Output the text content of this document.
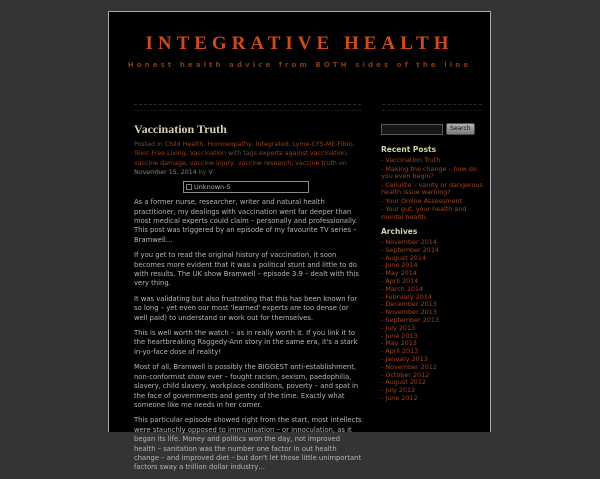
INTEGRATIVE HEALTH
Honest health advice from BOTH sides of the line
Vaccination Truth

Posted in Child Health, Homoeopathy, Integrated, Lyme-CFS-ME-Fibro, Toxic-Free Living, Vaccination with tags experts against vaccination, vaccine damage, vaccine injury, vaccine research, vaccine truth on November 15, 2014 by V

Unknown-5

As a former nurse, researcher, writer and natural health practitioner, my dealings with vaccination went far deeper than most medical experts could claim – personally and professionally. This post was triggered by an episode of my favourite TV series – Bramwell…

If you get to read the original history of vaccination, it soon becomes more evident that it was a political stunt and little to do with results. The UK show Bramwell – episode 3.9 – dealt with this very thing.

It was validating but also frustrating that this has been known for so long – yet even our most 'learned' experts are too dense (or well paid) to understand or work out for themselves.

This is well worth the watch – as in really worth it. If you link it to the heartbreaking Raggedy-Ann story in the same era, it's a stark in-yo-face dose of reality!

Most of all, Bramwell is possibly the BIGGEST anti-establishment, non-conformist show ever – fought racism, sexism, paedophilia, slavery, child slavery, workplace conditions, poverty – and spat in the face of governments and gentry of the time. Exactly what someone like me needs in her corner.

This particular episode showed right from the start, most intellects were staunchly opposed to immunisation – or innoculation, as it began its life. Money and politics won the day, not improved health – sanitation was the number one factor in out health change – and improved diet – but don't let those little unimportant factors sway a trillion dollar industry…

Search
Recent Posts
- Vaccination Truth
- Making the change – how do you even begin?
- Cellulite – vanity or dangerous health issue warning?
- Your Online Assessment
- Your gut, your health and mental health.
Archives
- November 2014
- September 2014
- August 2014
- June 2014
- May 2014
- April 2014
- March 2014
- February 2014
- December 2013
- November 2013
- September 2013
- July 2013
- June 2013
- May 2013
- April 2013
- January 2013
- November 2012
- October 2012
- August 2012
- July 2012
- June 2012
